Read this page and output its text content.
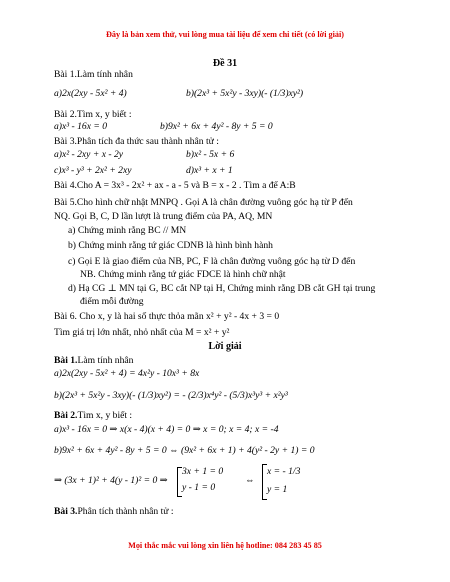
Đây là bản xem thử, vui lòng mua tài liệu để xem chi tiết (có lời giải)
Đề 31
Bài 1.Làm tính nhân
a)2x(2xy - 5x² + 4)	b)(2x³ + 5x²y - 3xy)(- (1/3)xy²)
Bài 2.Tìm x, y biết :
a)x³ - 16x = 0	b)9x² + 6x + 4y² - 8y + 5 = 0
Bài 3.Phân tích đa thức sau thành nhân tử :
a)x² - 2xy + x - 2y	b)x² - 5x + 6
c)x³ - y³ + 2x² + 2xy	d)x³ + x + 1
Bài 4.Cho A = 3x³ - 2x² + ax - a - 5 và B = x - 2 . Tìm a để A:B
Bài 5.Cho hình chữ nhật MNPQ . Gọi A là chân đường vuông góc hạ từ P đến
NQ. Gọi B, C, D lần lượt là trung điểm của PA, AQ, MN
a) Chứng minh rằng BC // MN
b) Chứng minh rằng tứ giác CDNB là hình bình hành
c) Gọi E là giao điểm của NB, PC, F là chân đường vuông góc hạ từ D đến
NB. Chứng minh rằng tứ giác FDCE là hình chữ nhật
d) Hạ CG ⊥ MN tại G, BC cắt NP tại H, Chứng minh rằng DB cắt GH tại trung
điểm mỗi đường
Bài 6. Cho x, y là hai số thực thỏa mãn x² + y² - 4x + 3 = 0
Tìm giá trị lớn nhất, nhỏ nhất của M = x² + y²
Lời giải
Bài 1.Làm tính nhân
a)2x(2xy - 5x² + 4) = 4x²y - 10x³ + 8x
b)(2x³ + 5x²y - 3xy)(- (1/3)xy²) = - (2/3)x⁴y² - (5/3)x³y³ + x²y³
Bài 2.Tìm x, y biết :
a)x³ - 16x = 0 ⇒ x(x - 4)(x + 4) = 0 ⇒ x = 0; x = 4; x = -4
b)9x² + 6x + 4y² - 8y + 5 = 0 ⇔ (9x² + 6x + 1) + 4(y² - 2y + 1) = 0
⇒ (3x + 1)² + 4(y - 1)² = 0 ⇒
3x + 1 = 0
y - 1 = 0
⇔
x = - 1/3
y = 1
Bài 3.Phân tích thành nhân tử :
Mọi thắc mắc vui lòng xin liên hệ hotline: 084 283 45 85
